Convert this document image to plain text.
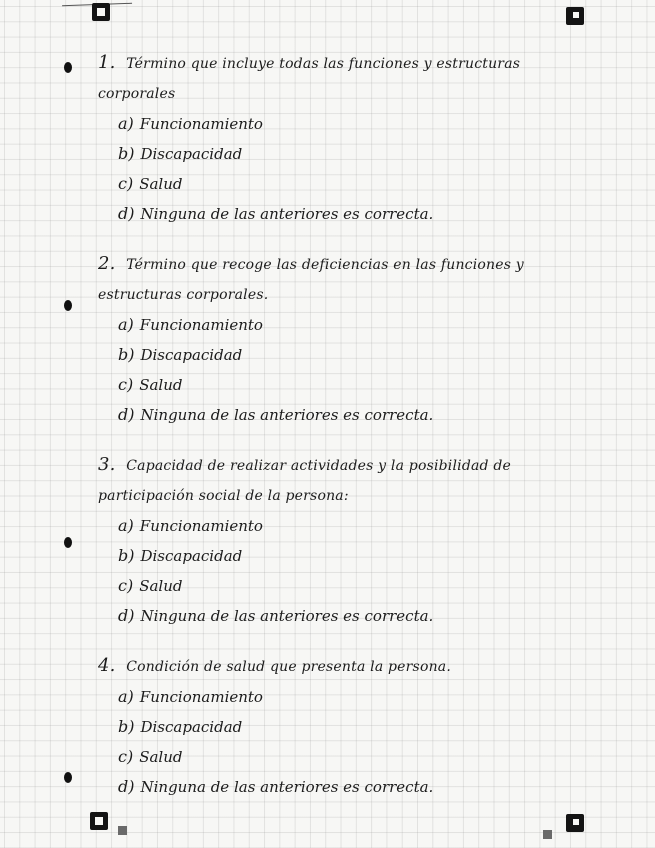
1. Término que incluye todas las funciones y estructuras corporales
a) Funcionamiento
b) Discapacidad
c) Salud
d) Ninguna de las anteriores es correcta.
2. Término que recoge las deficiencias en las funciones y estructuras corporales.
a) Funcionamiento
b) Discapacidad
c) Salud
d) Ninguna de las anteriores es correcta.
3. Capacidad de realizar actividades y la posibilidad de participación social de la persona:
a) Funcionamiento
b) Discapacidad
c) Salud
d) Ninguna de las anteriores es correcta.
4. Condición de salud que presenta la persona.
a) Funcionamiento
b) Discapacidad
c) Salud
d) Ninguna de las anteriores es correcta.
